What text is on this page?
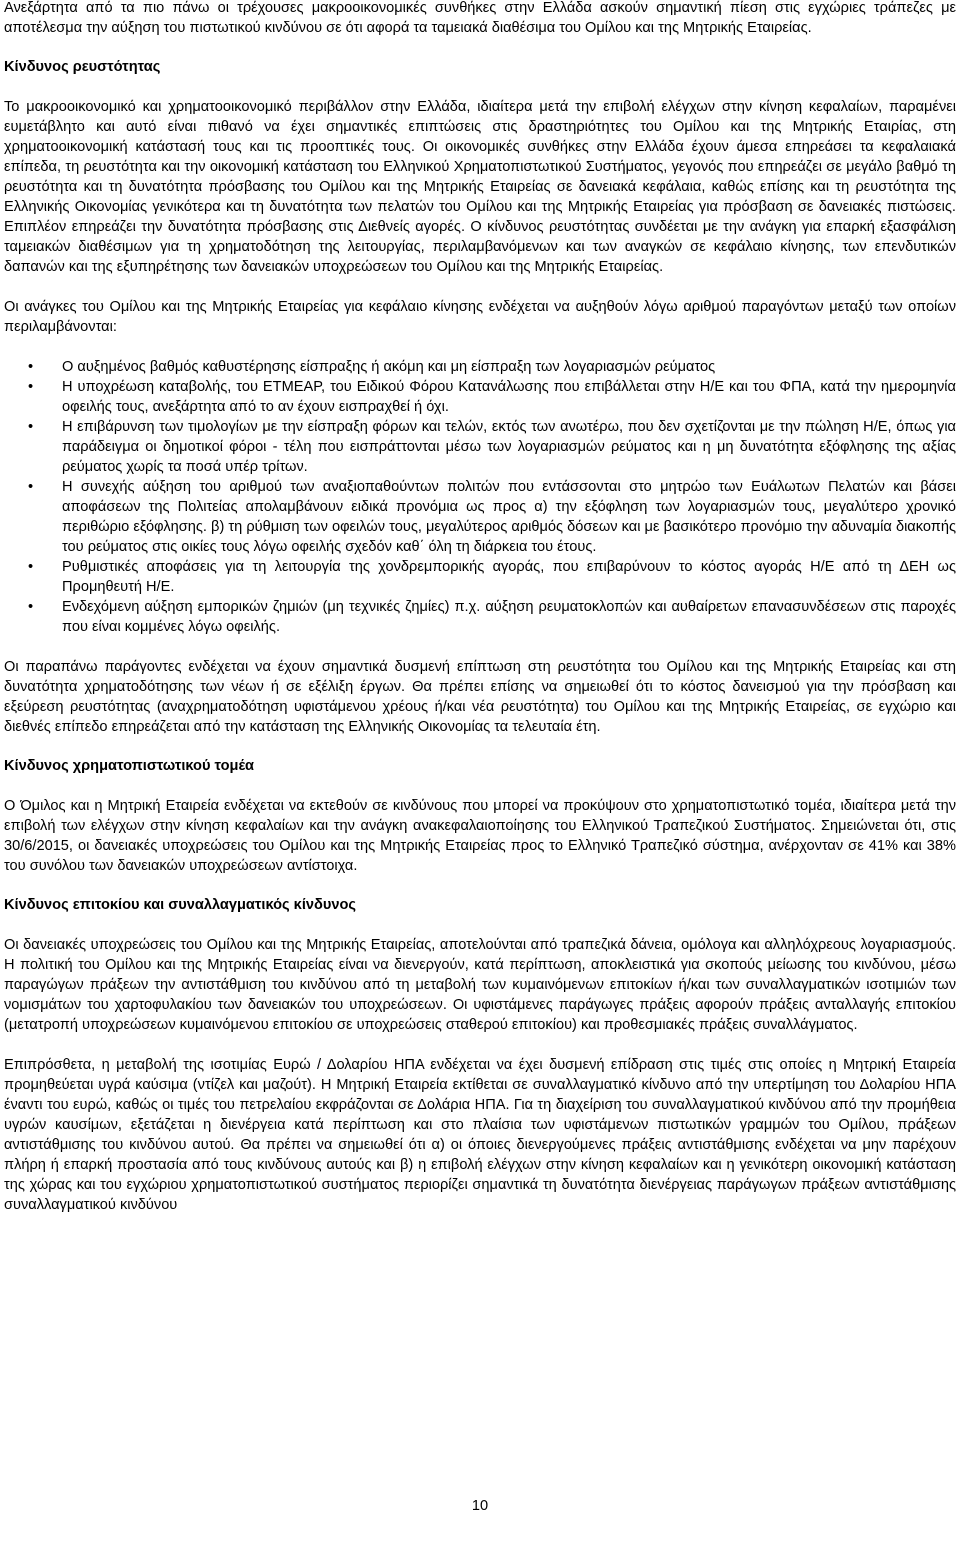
Ανεξάρτητα από τα πιο πάνω οι τρέχουσες μακροοικονομικές συνθήκες στην Ελλάδα ασκούν σημαντική πίεση στις εγχώριες τράπεζες με αποτέλεσμα την αύξηση του πιστωτικού κινδύνου σε ότι αφορά τα ταμειακά διαθέσιμα του Ομίλου και της Μητρικής Εταιρείας.

Κίνδυνος ρευστότητας

Το μακροοικονομικό και χρηματοοικονομικό περιβάλλον στην Ελλάδα, ιδιαίτερα μετά την επιβολή ελέγχων στην κίνηση κεφαλαίων, παραμένει ευμετάβλητο και αυτό είναι πιθανό να έχει σημαντικές επιπτώσεις στις δραστηριότητες του Ομίλου και της Μητρικής Εταιρίας, στη χρηματοοικονομική κατάστασή τους και τις προοπτικές τους. Οι οικονομικές συνθήκες στην Ελλάδα έχουν άμεσα επηρεάσει τα κεφαλαιακά επίπεδα, τη ρευστότητα και την οικονομική κατάσταση του Ελληνικού Χρηματοπιστωτικού Συστήματος, γεγονός που επηρεάζει σε μεγάλο βαθμό τη ρευστότητα και τη δυνατότητα πρόσβασης του Ομίλου και της Μητρικής Εταιρείας σε δανειακά κεφάλαια, καθώς επίσης και τη ρευστότητα της Ελληνικής Οικονομίας γενικότερα και τη δυνατότητα των πελατών του Ομίλου και της Μητρικής Εταιρείας για πρόσβαση σε δανειακές πιστώσεις. Επιπλέον επηρεάζει την δυνατότητα πρόσβασης στις Διεθνείς αγορές. Ο κίνδυνος ρευστότητας συνδέεται με την ανάγκη για επαρκή εξασφάλιση ταμειακών διαθέσιμων για τη χρηματοδότηση της λειτουργίας, περιλαμβανόμενων και των αναγκών σε κεφάλαιο κίνησης, των επενδυτικών δαπανών και της εξυπηρέτησης των δανειακών υποχρεώσεων του Ομίλου και της Μητρικής Εταιρείας.

Οι ανάγκες του Ομίλου και της Μητρικής Εταιρείας για κεφάλαιο κίνησης ενδέχεται να αυξηθούν λόγω αριθμού παραγόντων μεταξύ των οποίων περιλαμβάνονται:

• Ο αυξημένος βαθμός καθυστέρησης είσπραξης ή ακόμη και μη είσπραξη των λογαριασμών ρεύματος
• Η υποχρέωση καταβολής, του ΕΤΜΕΑΡ, του Ειδικού Φόρου Κατανάλωσης που επιβάλλεται στην Η/Ε και του ΦΠΑ, κατά την ημερομηνία οφειλής τους, ανεξάρτητα από το αν έχουν εισπραχθεί ή όχι.
• Η επιβάρυνση των τιμολογίων με την είσπραξη φόρων και τελών, εκτός των ανωτέρω, που δεν σχετίζονται με την πώληση Η/Ε, όπως για παράδειγμα οι δημοτικοί φόροι - τέλη που εισπράττονται μέσω των λογαριασμών ρεύματος και η μη δυνατότητα εξόφλησης της αξίας ρεύματος χωρίς τα ποσά υπέρ τρίτων.
• Η συνεχής αύξηση του αριθμού των αναξιοπαθούντων πολιτών που εντάσσονται στο μητρώο των Ευάλωτων Πελατών και βάσει αποφάσεων της Πολιτείας απολαμβάνουν ειδικά προνόμια ως προς α) την εξόφληση των λογαριασμών τους, μεγαλύτερο χρονικό περιθώριο εξόφλησης. β) τη ρύθμιση των οφειλών τους, μεγαλύτερος αριθμός δόσεων και με βασικότερο προνόμιο την αδυναμία διακοπής του ρεύματος στις οικίες τους λόγω οφειλής σχεδόν καθ΄ όλη τη διάρκεια του έτους.
• Ρυθμιστικές αποφάσεις για τη λειτουργία της χονδρεμπορικής αγοράς, που επιβαρύνουν το κόστος αγοράς Η/Ε από τη ΔΕΗ ως Προμηθευτή Η/Ε.
• Ενδεχόμενη αύξηση εμπορικών ζημιών (μη τεχνικές ζημίες) π.χ. αύξηση ρευματοκλοπών και αυθαίρετων επανασυνδέσεων στις παροχές που είναι κομμένες λόγω οφειλής.

Οι παραπάνω παράγοντες ενδέχεται να έχουν σημαντικά δυσμενή επίπτωση στη ρευστότητα του Ομίλου και της Μητρικής Εταιρείας και στη δυνατότητα χρηματοδότησης των νέων ή σε εξέλιξη έργων. Θα πρέπει επίσης να σημειωθεί ότι το κόστος δανεισμού για την πρόσβαση και εξεύρεση ρευστότητας (αναχρηματοδότηση υφιστάμενου χρέους ή/και νέα ρευστότητα) του Ομίλου και της Μητρικής Εταιρείας, σε εγχώριο και διεθνές επίπεδο επηρεάζεται από την κατάσταση της Ελληνικής Οικονομίας τα τελευταία έτη.

Κίνδυνος χρηματοπιστωτικού τομέα

Ο Όμιλος και η Μητρική Εταιρεία ενδέχεται να εκτεθούν σε κινδύνους που μπορεί να προκύψουν στο χρηματοπιστωτικό τομέα, ιδιαίτερα μετά την επιβολή των ελέγχων στην κίνηση κεφαλαίων και την ανάγκη ανακεφαλαιοποίησης του Ελληνικού Τραπεζικού Συστήματος. Σημειώνεται ότι, στις 30/6/2015, οι δανειακές υποχρεώσεις του Ομίλου και της Μητρικής Εταιρείας προς το Ελληνικό Τραπεζικό σύστημα, ανέρχονταν σε 41% και 38% του συνόλου των δανειακών υποχρεώσεων αντίστοιχα.

Κίνδυνος επιτοκίου και συναλλαγματικός κίνδυνος

Οι δανειακές υποχρεώσεις του Ομίλου και της Μητρικής Εταιρείας, αποτελούνται από τραπεζικά δάνεια, ομόλογα και αλληλόχρεους λογαριασμούς. Η πολιτική του Ομίλου και της Μητρικής Εταιρείας είναι να διενεργούν, κατά περίπτωση, αποκλειστικά για σκοπούς μείωσης του κινδύνου, μέσω παραγώγων πράξεων την αντιστάθμιση του κινδύνου από τη μεταβολή των κυμαινόμενων επιτοκίων ή/και των συναλλαγματικών ισοτιμιών των νομισμάτων του χαρτοφυλακίου των δανειακών του υποχρεώσεων. Οι υφιστάμενες παράγωγες πράξεις αφορούν πράξεις ανταλλαγής επιτοκίου (μετατροπή υποχρεώσεων κυμαινόμενου επιτοκίου σε υποχρεώσεις σταθερού επιτοκίου) και προθεσμιακές πράξεις συναλλάγματος.

Επιπρόσθετα, η μεταβολή της ισοτιμίας Ευρώ / Δολαρίου ΗΠΑ ενδέχεται να έχει δυσμενή επίδραση στις τιμές στις οποίες η Μητρική Εταιρεία προμηθεύεται υγρά καύσιμα (ντίζελ και μαζούτ). Η Μητρική Εταιρεία εκτίθεται σε συναλλαγματικό κίνδυνο από την υπερτίμηση του Δολαρίου ΗΠΑ έναντι του ευρώ, καθώς οι τιμές του πετρελαίου εκφράζονται σε Δολάρια ΗΠΑ. Για τη διαχείριση του συναλλαγματικού κινδύνου από την προμήθεια υγρών καυσίμων, εξετάζεται η διενέργεια κατά περίπτωση και στο πλαίσια των υφιστάμενων πιστωτικών γραμμών του Ομίλου, πράξεων αντιστάθμισης του κινδύνου αυτού. Θα πρέπει να σημειωθεί ότι α) οι όποιες διενεργούμενες πράξεις αντιστάθμισης ενδέχεται να μην παρέχουν πλήρη ή επαρκή προστασία από τους κινδύνους αυτούς και β) η επιβολή ελέγχων στην κίνηση κεφαλαίων και η γενικότερη οικονομική κατάσταση της χώρας και του εγχώριου χρηματοπιστωτικού συστήματος περιορίζει σημαντικά τη δυνατότητα διενέργειας παράγωγων πράξεων αντιστάθμισης συναλλαγματικού κινδύνου

10
